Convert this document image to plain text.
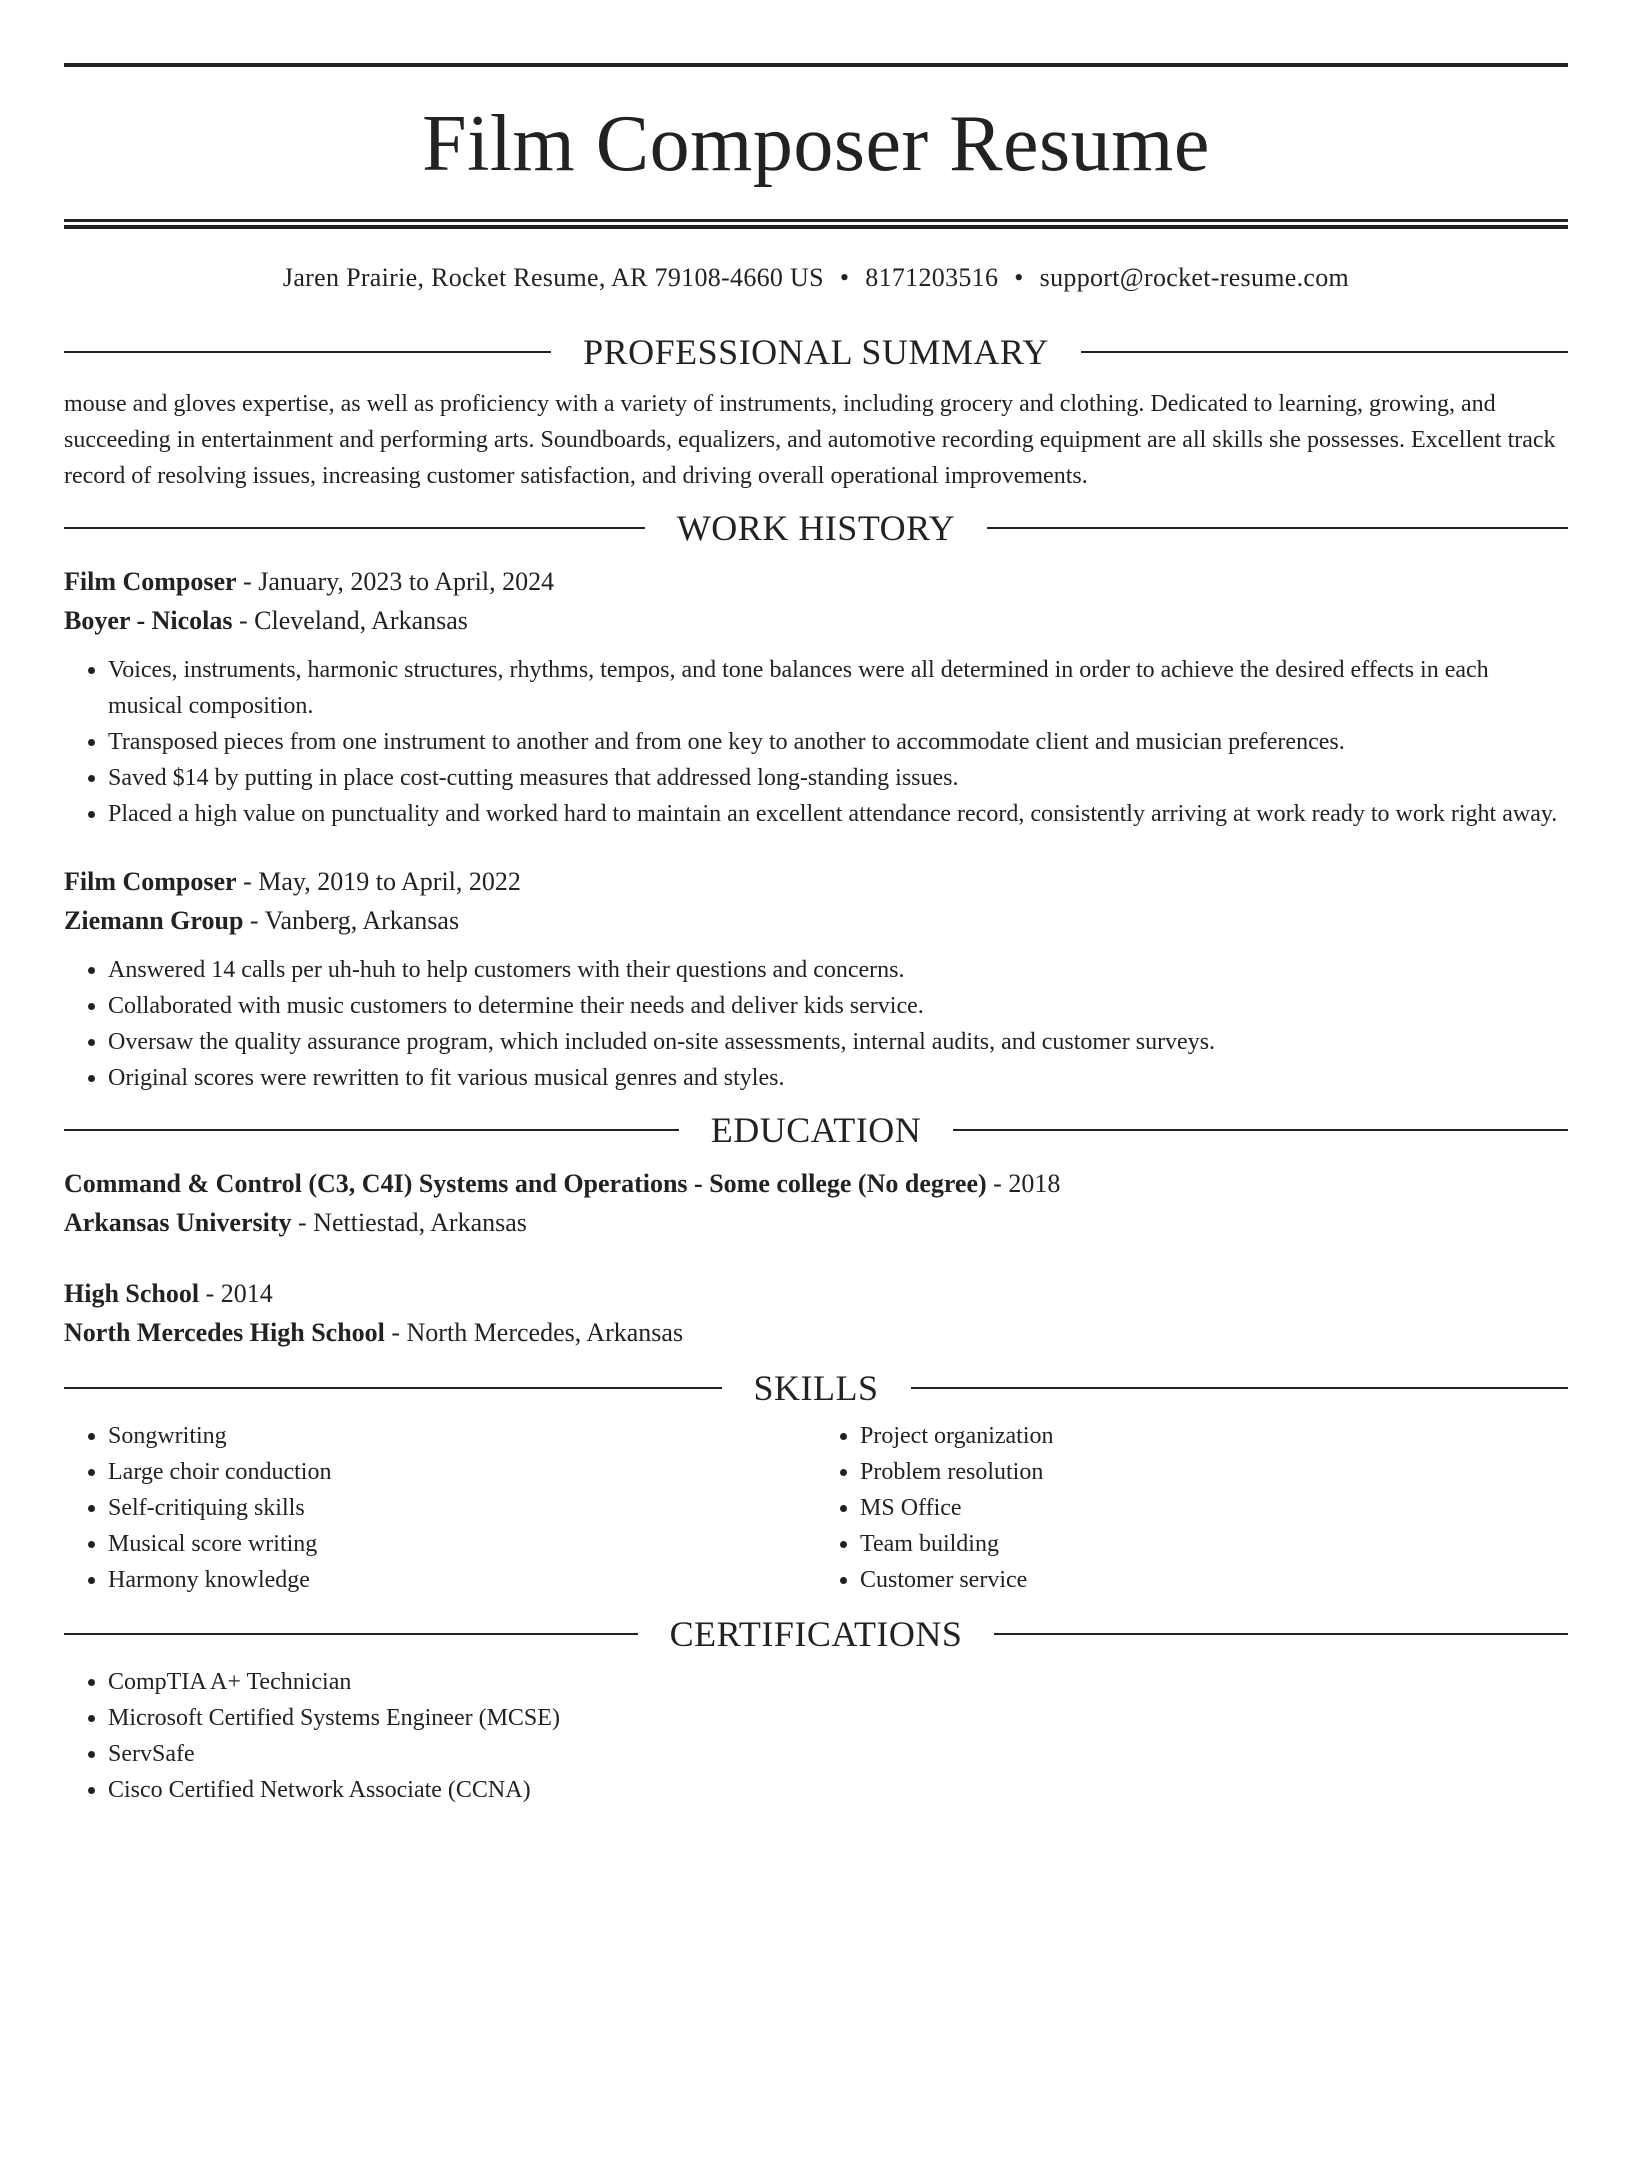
Film Composer Resume
Jaren Prairie, Rocket Resume, AR 79108-4660 US • 8171203516 • support@rocket-resume.com
PROFESSIONAL SUMMARY

mouse and gloves expertise, as well as proficiency with a variety of instruments, including grocery and clothing. Dedicated to learning, growing, and succeeding in entertainment and performing arts. Soundboards, equalizers, and automotive recording equipment are all skills she possesses. Excellent track record of resolving issues, increasing customer satisfaction, and driving overall operational improvements.

WORK HISTORY

Film Composer - January, 2023 to April, 2024

Boyer - Nicolas - Cleveland, Arkansas

• Voices, instruments, harmonic structures, rhythms, tempos, and tone balances were all determined in order to achieve the desired effects in each musical composition.
• Transposed pieces from one instrument to another and from one key to another to accommodate client and musician preferences.
• Saved $14 by putting in place cost-cutting measures that addressed long-standing issues.
• Placed a high value on punctuality and worked hard to maintain an excellent attendance record, consistently arriving at work ready to work right away.

Film Composer - May, 2019 to April, 2022

Ziemann Group - Vanberg, Arkansas

• Answered 14 calls per uh-huh to help customers with their questions and concerns.
• Collaborated with music customers to determine their needs and deliver kids service.
• Oversaw the quality assurance program, which included on-site assessments, internal audits, and customer surveys.
• Original scores were rewritten to fit various musical genres and styles.
EDUCATION

Command & Control (C3, C4I) Systems and Operations - Some college (No degree) - 2018

Arkansas University - Nettiestad, Arkansas

High School - 2014

North Mercedes High School - North Mercedes, Arkansas

SKILLS
• Songwriting
• Large choir conduction
• Self-critiquing skills
• Musical score writing
• Harmony knowledge
• Project organization
• Problem resolution
• MS Office
• Team building
• Customer service
CERTIFICATIONS
• CompTIA A+ Technician
• Microsoft Certified Systems Engineer (MCSE)
• ServSafe
• Cisco Certified Network Associate (CCNA)
